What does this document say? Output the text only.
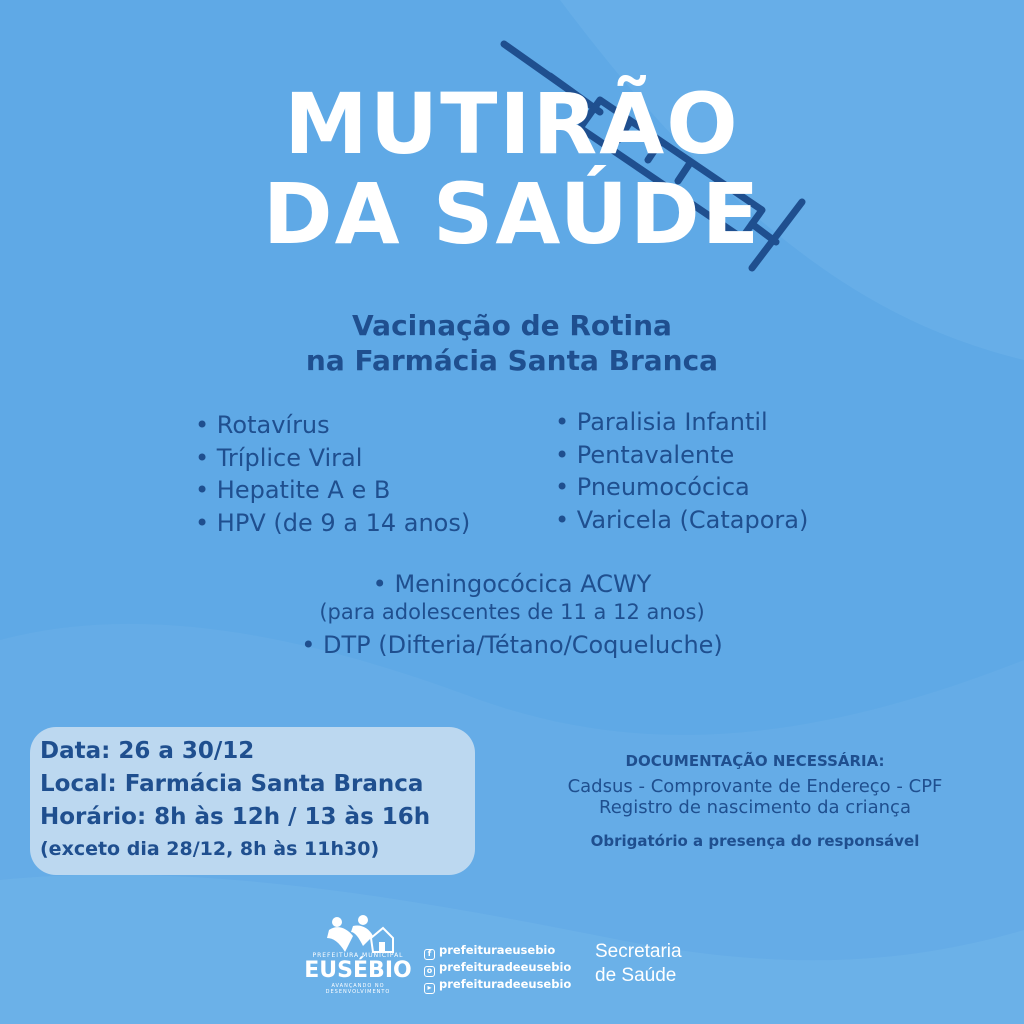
MUTIRÃO
DA SAÚDE
Vacinação de Rotina
na Farmácia Santa Branca
• Rotavírus
• Tríplice Viral
• Hepatite A e B
• HPV (de 9 a 14 anos)
• Paralisia Infantil
• Pentavalente
• Pneumocócica
• Varicela (Catapora)
• Meningocócica ACWY
(para adolescentes de 11 a 12 anos)
• DTP (Difteria/Tétano/Coqueluche)
Data: 26 a 30/12
Local: Farmácia Santa Branca
Horário: 8h às 12h / 13 às 16h
(exceto dia 28/12, 8h às 11h30)
DOCUMENTAÇÃO NECESSÁRIA:
Cadsus - Comprovante de Endereço - CPF
Registro de nascimento da criança
Obrigatório a presença do responsável
PREFEITURA MUNICIPAL
EUSÉBIO
AVANÇANDO NO DESENVOLVIMENTO
f prefeituraeusebio
o prefeituradeeusebio
▸ prefeituradeeusebio
Secretaria
de Saúde
